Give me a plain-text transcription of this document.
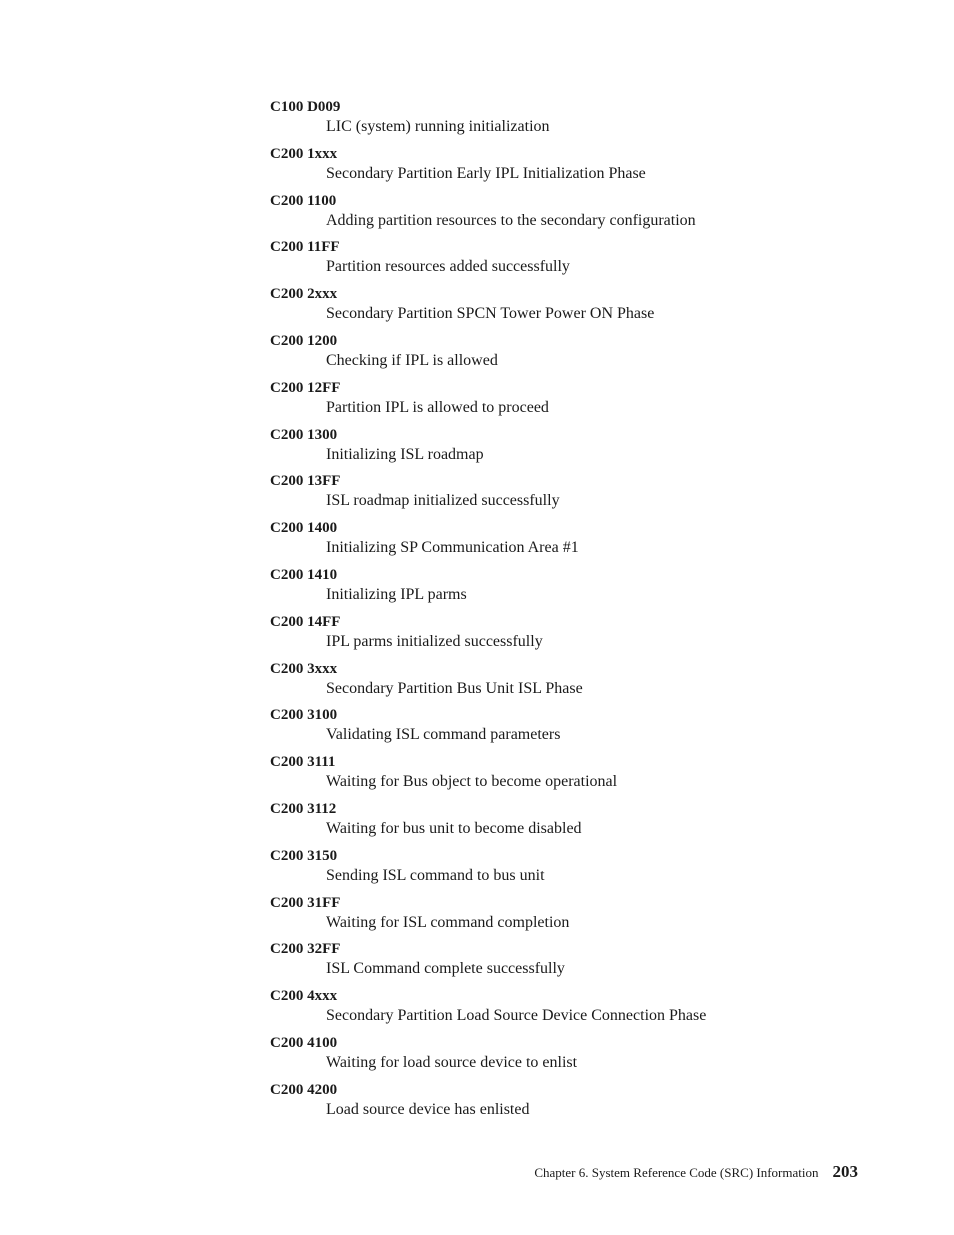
C100 D009
LIC (system) running initialization
C200 1xxx
Secondary Partition Early IPL Initialization Phase
C200 1100
Adding partition resources to the secondary configuration
C200 11FF
Partition resources added successfully
C200 2xxx
Secondary Partition SPCN Tower Power ON Phase
C200 1200
Checking if IPL is allowed
C200 12FF
Partition IPL is allowed to proceed
C200 1300
Initializing ISL roadmap
C200 13FF
ISL roadmap initialized successfully
C200 1400
Initializing SP Communication Area #1
C200 1410
Initializing IPL parms
C200 14FF
IPL parms initialized successfully
C200 3xxx
Secondary Partition Bus Unit ISL Phase
C200 3100
Validating ISL command parameters
C200 3111
Waiting for Bus object to become operational
C200 3112
Waiting for bus unit to become disabled
C200 3150
Sending ISL command to bus unit
C200 31FF
Waiting for ISL command completion
C200 32FF
ISL Command complete successfully
C200 4xxx
Secondary Partition Load Source Device Connection Phase
C200 4100
Waiting for load source device to enlist
C200 4200
Load source device has enlisted
Chapter 6. System Reference Code (SRC) Information 203
